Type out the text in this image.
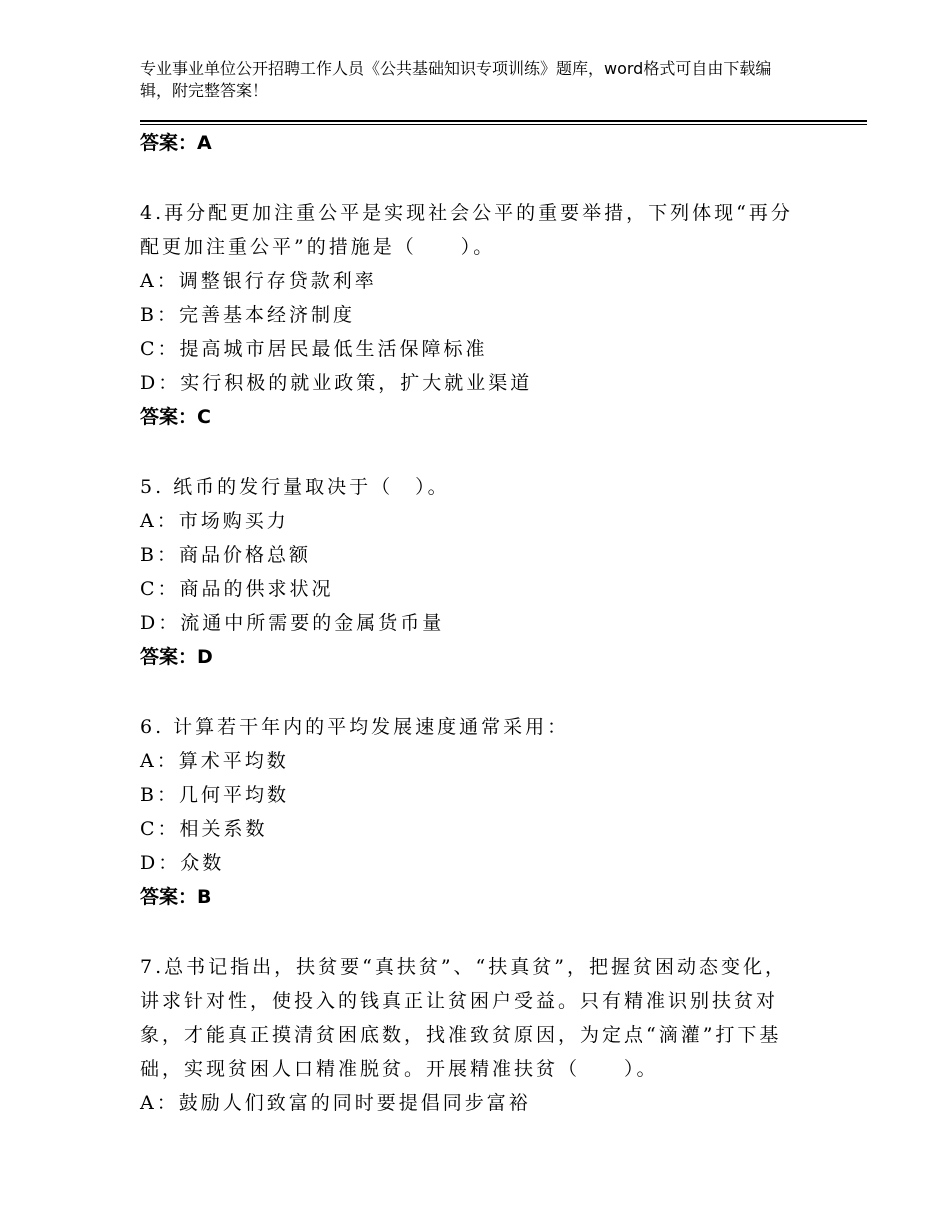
专业事业单位公开招聘工作人员《公共基础知识专项训练》题库，word格式可自由下载编辑，附完整答案！

答案：A

4.再分配更加注重公平是实现社会公平的重要举措，下列体现“再分配更加注重公平”的措施是（　　）。

A：调整银行存贷款利率

B：完善基本经济制度

C：提高城市居民最低生活保障标准

D：实行积极的就业政策，扩大就业渠道

答案：C

5. 纸币的发行量取决于（　）。

A：市场购买力

B：商品价格总额

C：商品的供求状况

D：流通中所需要的金属货币量

答案：D

6. 计算若干年内的平均发展速度通常采用：

A：算术平均数

B：几何平均数

C：相关系数

D：众数

答案：B

7.总书记指出，扶贫要“真扶贫”、“扶真贫”，把握贫困动态变化，讲求针对性，使投入的钱真正让贫困户受益。只有精准识别扶贫对象，才能真正摸清贫困底数，找准致贫原因，为定点“滴灌”打下基础，实现贫困人口精准脱贫。开展精准扶贫（　　）。

A：鼓励人们致富的同时要提倡同步富裕
